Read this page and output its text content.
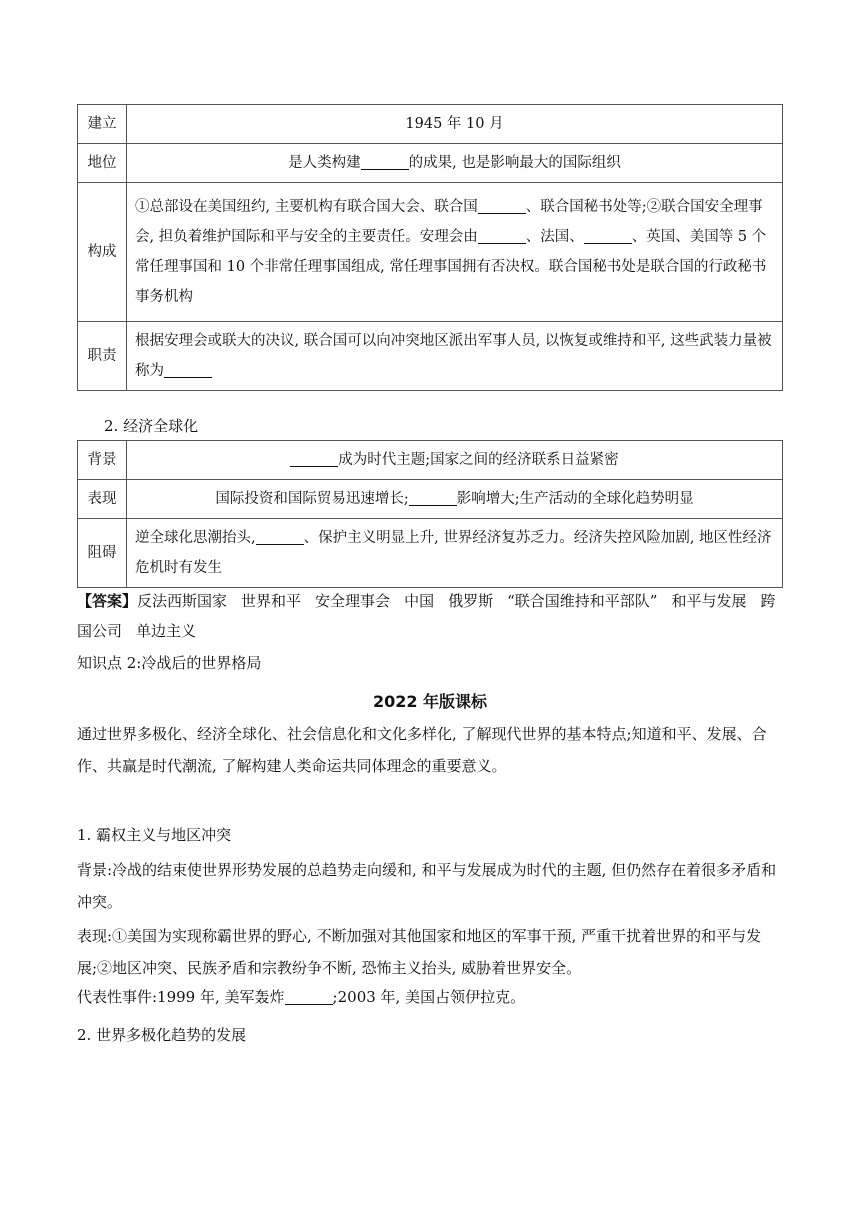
建立	1945 年 10 月
地位	是人类构建 的成果, 也是影响最大的国际组织
构成	①总部设在美国纽约, 主要机构有联合国大会、联合国 、联合国秘书处等;②联合国安全理事会, 担负着维护国际和平与安全的主要责任。安理会由 、法国、 、英国、美国等 5 个常任理事国和 10 个非常任理事国组成, 常任理事国拥有否决权。联合国秘书处是联合国的行政秘书事务机构
职责	根据安理会或联大的决议, 联合国可以向冲突地区派出军事人员, 以恢复或维持和平, 这些武装力量被称为
2. 经济全球化
背景	成为时代主题;国家之间的经济联系日益紧密
表现	国际投资和国际贸易迅速增长; 影响增大;生产活动的全球化趋势明显
阻碍	逆全球化思潮抬头, 、保护主义明显上升, 世界经济复苏乏力。经济失控风险加剧, 地区性经济危机时有发生
【答案】反法西斯国家 世界和平 安全理事会 中国 俄罗斯 “联合国维持和平部队” 和平与发展 跨国公司 单边主义
知识点 2:冷战后的世界格局
2022 年版课标
通过世界多极化、经济全球化、社会信息化和文化多样化, 了解现代世界的基本特点;知道和平、发展、合作、共赢是时代潮流, 了解构建人类命运共同体理念的重要意义。
1. 霸权主义与地区冲突
背景:冷战的结束使世界形势发展的总趋势走向缓和, 和平与发展成为时代的主题, 但仍然存在着很多矛盾和冲突。
表现:①美国为实现称霸世界的野心, 不断加强对其他国家和地区的军事干预, 严重干扰着世界的和平与发展;②地区冲突、民族矛盾和宗教纷争不断, 恐怖主义抬头, 威胁着世界安全。
代表性事件:1999 年, 美军轰炸	;2003 年, 美国占领伊拉克。
2. 世界多极化趋势的发展
